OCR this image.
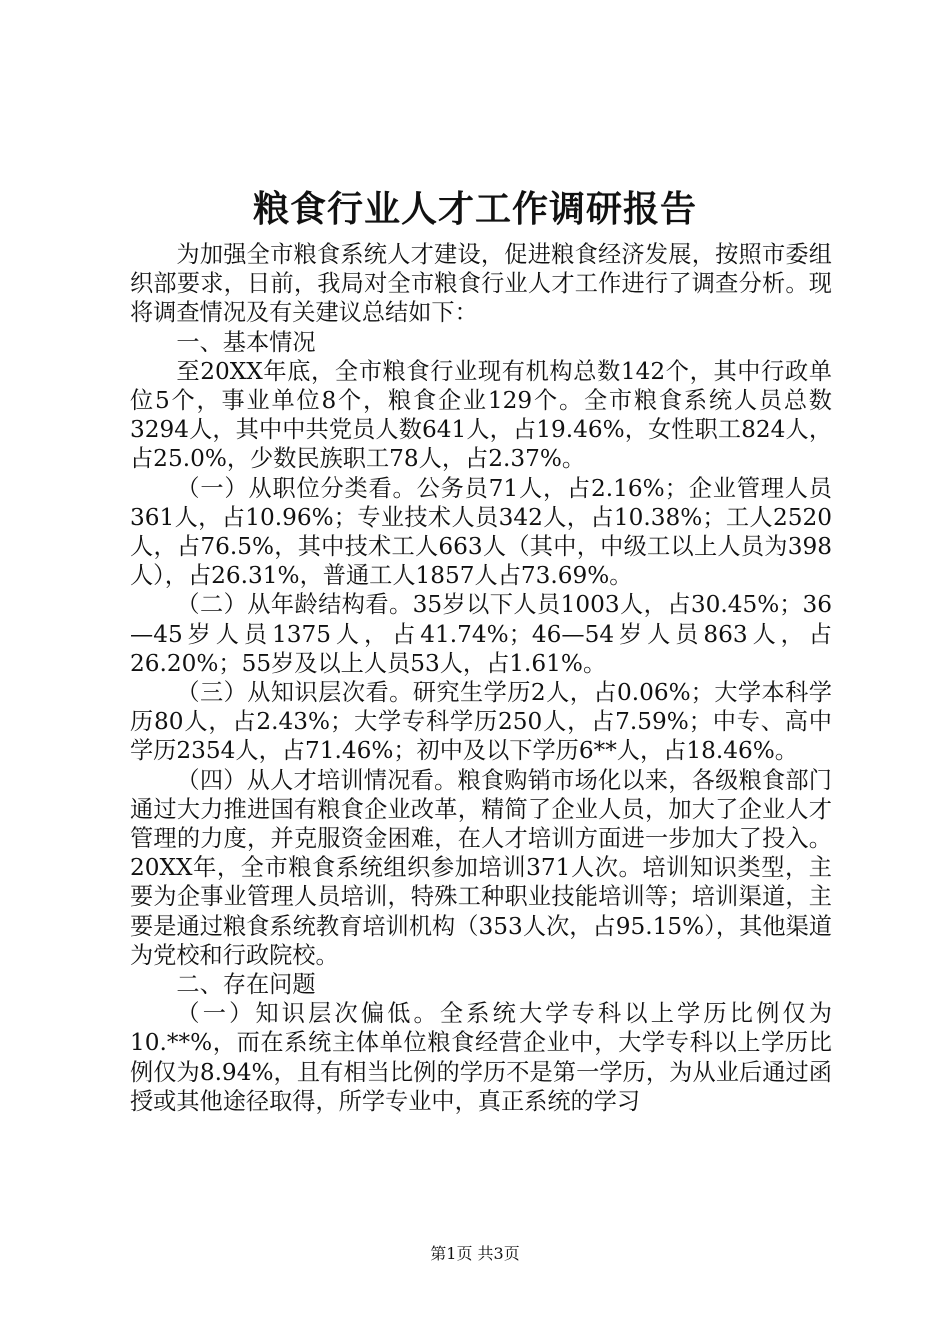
粮食行业人才工作调研报告

为加强全市粮食系统人才建设，促进粮食经济发展，按照市委组织部要求，日前，我局对全市粮食行业人才工作进行了调查分析。现将调查情况及有关建议总结如下：

一、基本情况

至20XX年底，全市粮食行业现有机构总数142个，其中行政单位5个，事业单位8个，粮食企业129个。全市粮食系统人员总数3294人，其中中共党员人数641人，占19.46%，女性职工824人，占25.0%，少数民族职工78人，占2.37%。

（一）从职位分类看。公务员71人，占2.16%；企业管理人员361人，占10.96%；专业技术人员342人，占10.38%；工人2520人，占76.5%，其中技术工人663人（其中，中级工以上人员为398人），占26.31%，普通工人1857人占73.69%。

（二）从年龄结构看。35岁以下人员1003人，占30.45%；36—45岁人员1375人，占41.74%；46—54岁人员863人，占26.20%；55岁及以上人员53人，占1.61%。

（三）从知识层次看。研究生学历2人，占0.06%；大学本科学历80人，占2.43%；大学专科学历250人，占7.59%；中专、高中学历2354人，占71.46%；初中及以下学历6**人，占18.46%。

（四）从人才培训情况看。粮食购销市场化以来，各级粮食部门通过大力推进国有粮食企业改革，精简了企业人员，加大了企业人才管理的力度，并克服资金困难，在人才培训方面进一步加大了投入。20XX年，全市粮食系统组织参加培训371人次。培训知识类型，主要为企事业管理人员培训，特殊工种职业技能培训等；培训渠道，主要是通过粮食系统教育培训机构（353人次，占95.15%），其他渠道为党校和行政院校。

二、存在问题

（一）知识层次偏低。全系统大学专科以上学历比例仅为10.**%，而在系统主体单位粮食经营企业中，大学专科以上学历比例仅为8.94%，且有相当比例的学历不是第一学历，为从业后通过函授或其他途径取得，所学专业中，真正系统的学习

第1页 共3页
